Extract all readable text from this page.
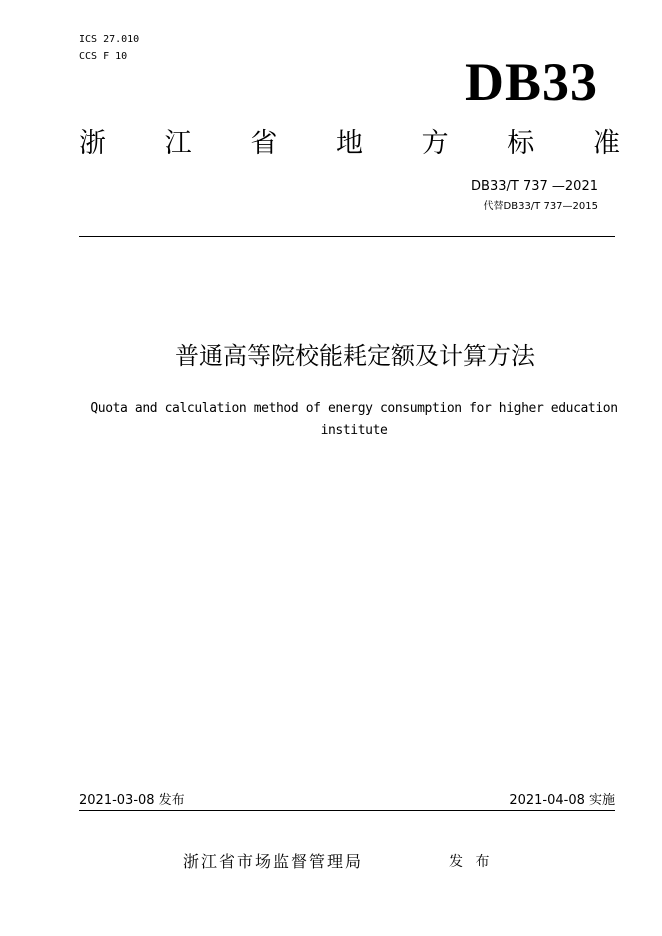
ICS 27.010
CCS F 10	DB33
浙 江 省 地 方 标 准
DB33/T 737 —2021
代替DB33/T 737—2015
普通高等院校能耗定额及计算方法
Quota and calculation method of energy consumption for higher education
institute
2021-03-08 发布	2021-04-08 实施
浙江省市场监督管理局	发 布
